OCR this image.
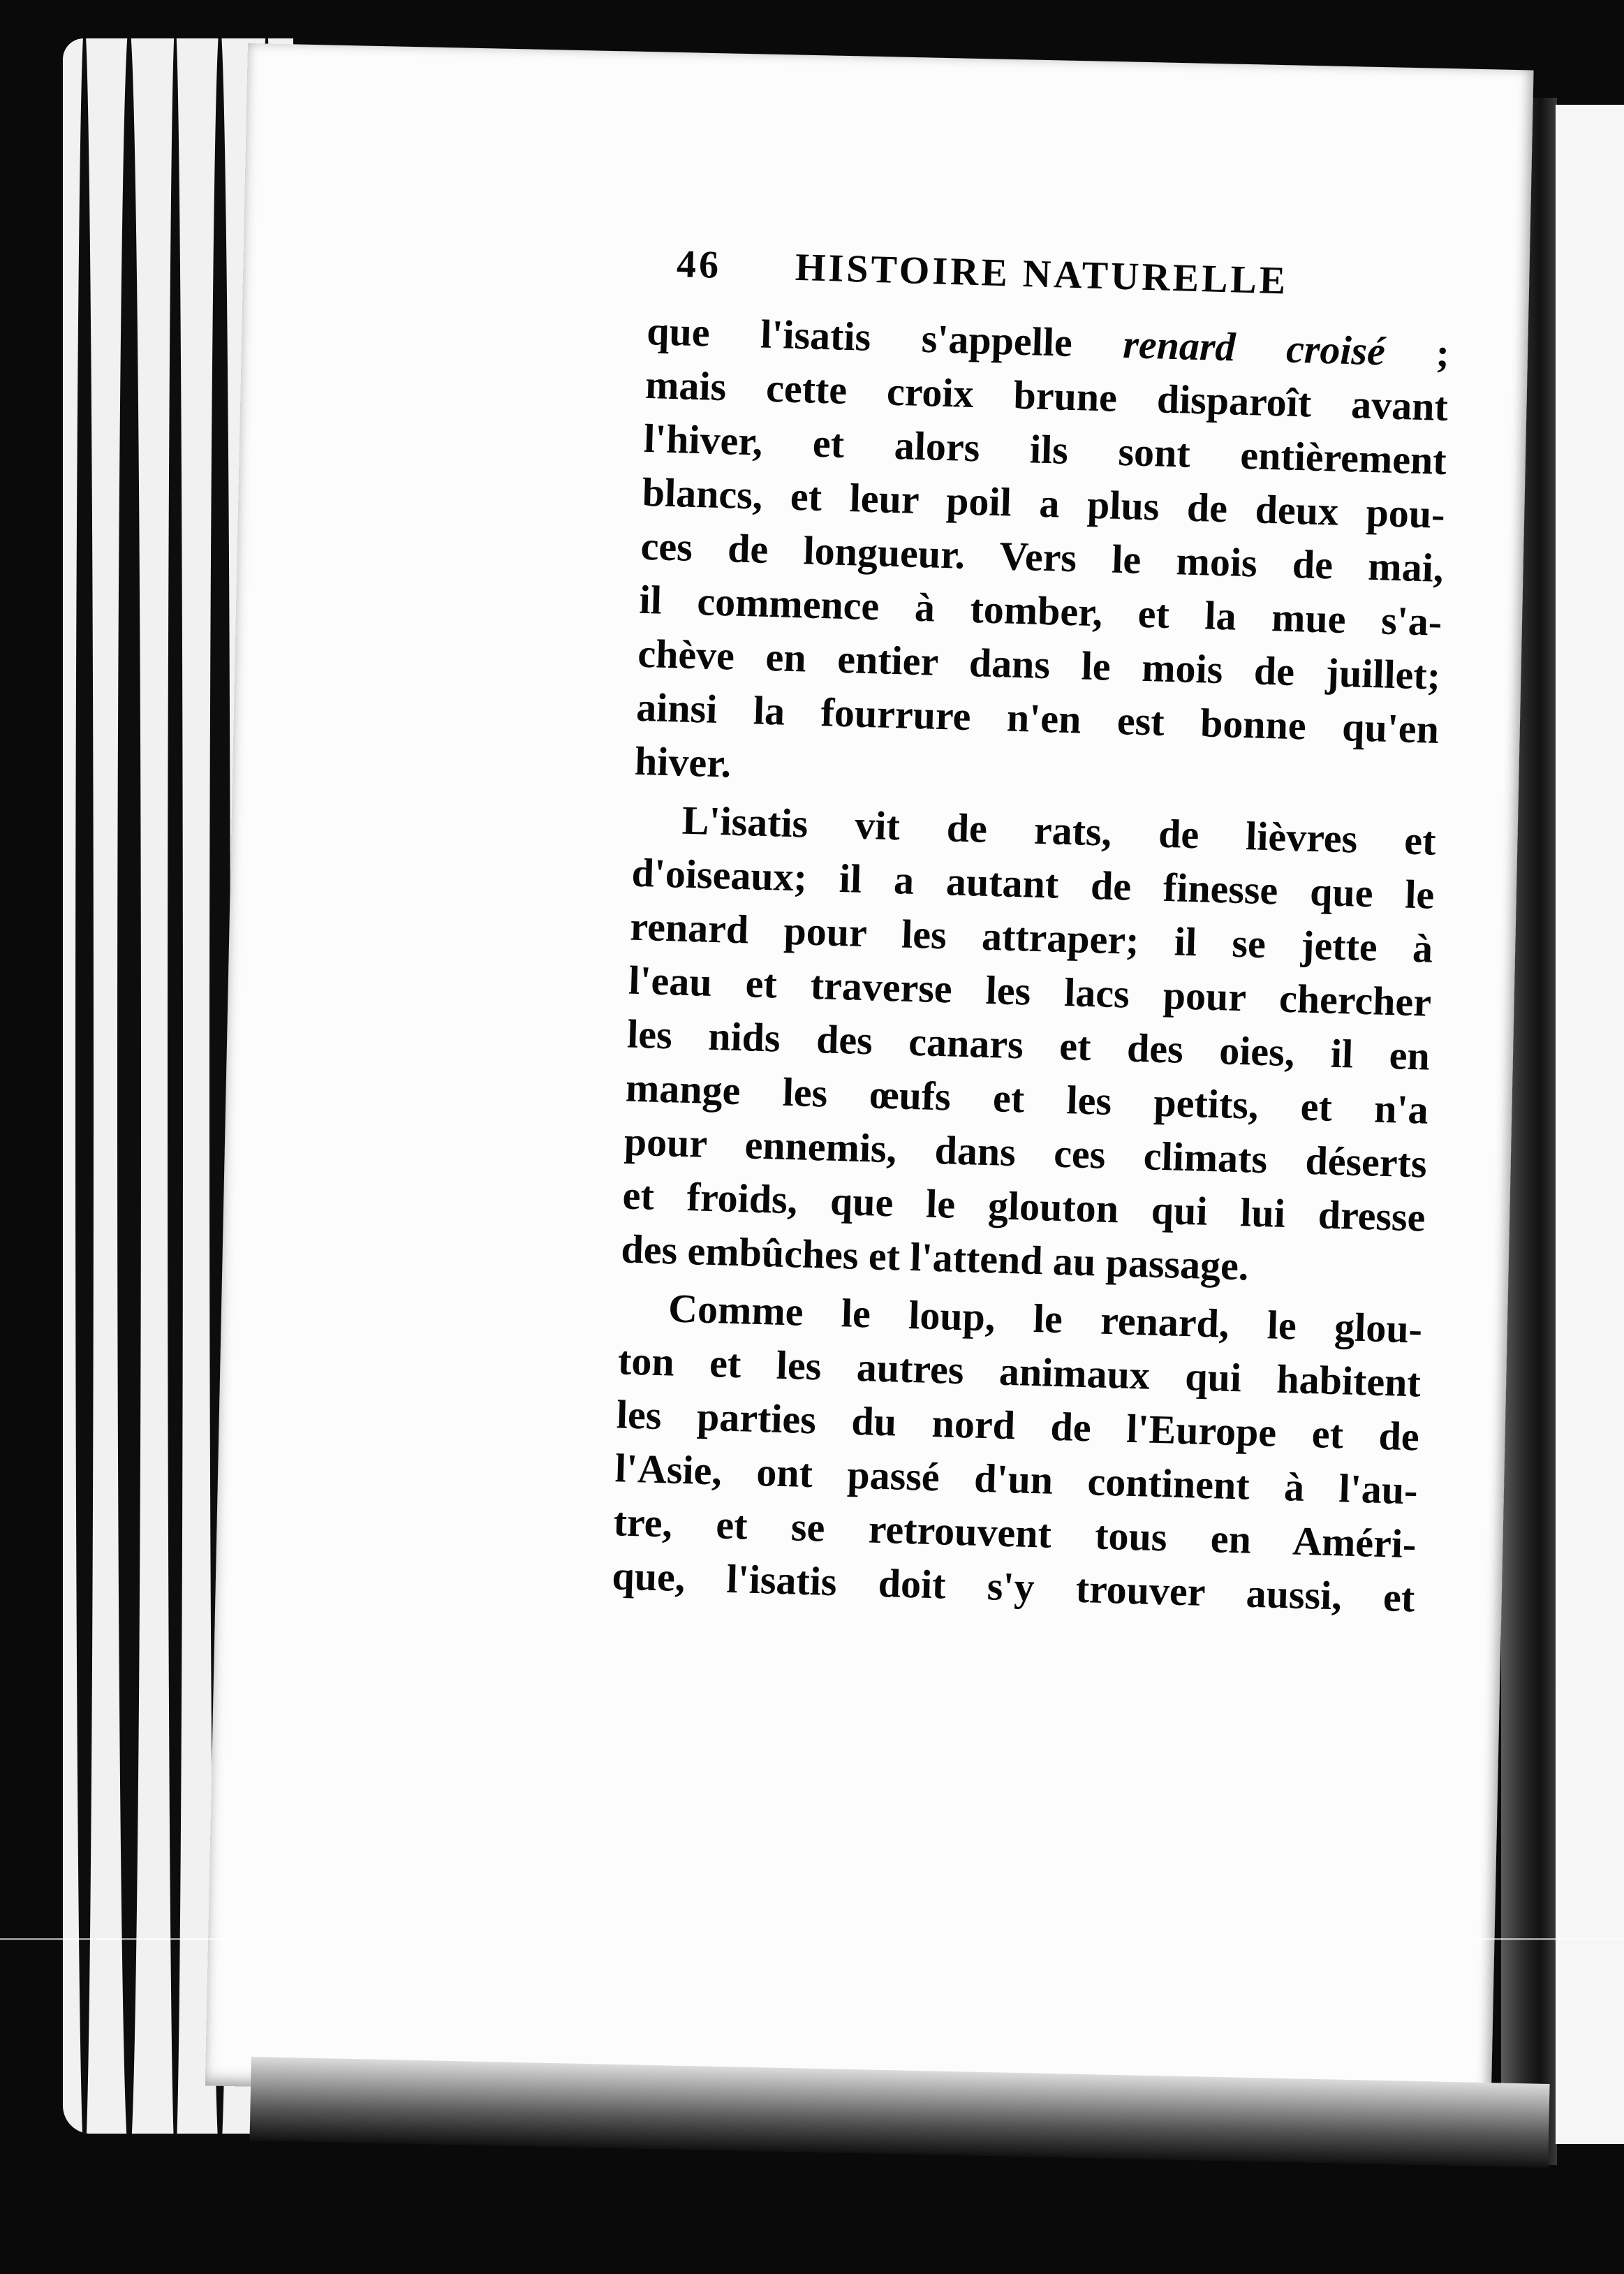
46 HISTOIRE NATURELLE
que l'isatis s'appelle renard croisé ;
mais cette croix brune disparoît avant
l'hiver, et alors ils sont entièrement
blancs, et leur poil a plus de deux pou-
ces de longueur. Vers le mois de mai,
il commence à tomber, et la mue s'a-
chève en entier dans le mois de juillet;
ainsi la fourrure n'en est bonne qu'en
hiver.
L'isatis vit de rats, de lièvres et
d'oiseaux; il a autant de finesse que le
renard pour les attraper; il se jette à
l'eau et traverse les lacs pour chercher
les nids des canars et des oies, il en
mange les œufs et les petits, et n'a
pour ennemis, dans ces climats déserts
et froids, que le glouton qui lui dresse
des embûches et l'attend au passage.
Comme le loup, le renard, le glou-
ton et les autres animaux qui habitent
les parties du nord de l'Europe et de
l'Asie, ont passé d'un continent à l'au-
tre, et se retrouvent tous en Améri-
que, l'isatis doit s'y trouver aussi, et
